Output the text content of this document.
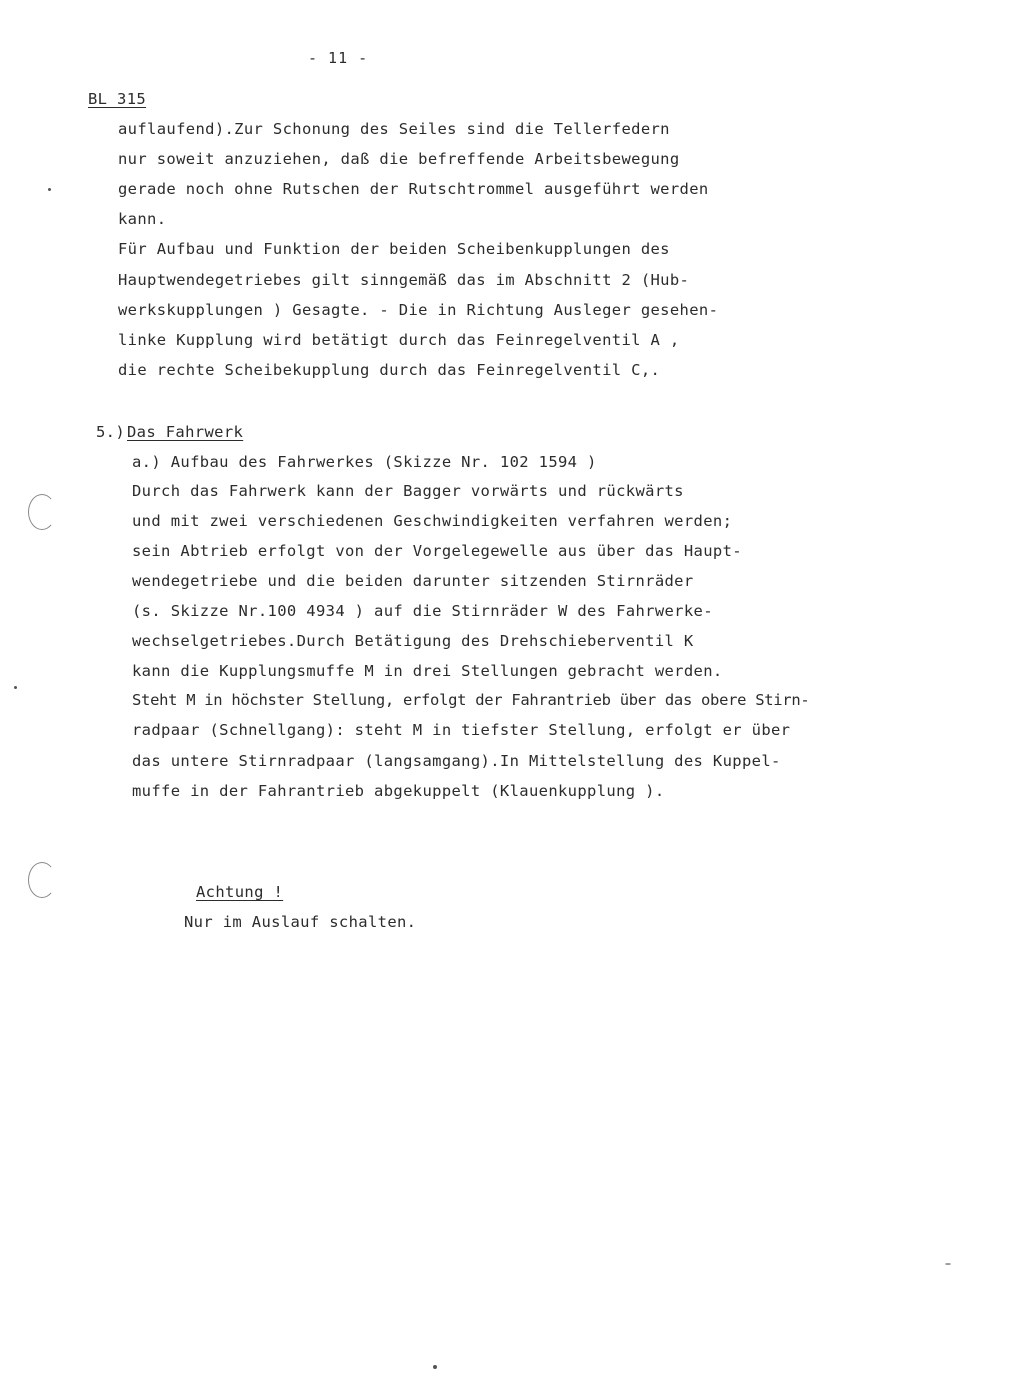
- 11 -
BL 315
auflaufend).Zur Schonung des Seiles sind die Tellerfedern
nur soweit anzuziehen, daß die befreffende Arbeitsbewegung
gerade noch ohne Rutschen der Rutschtrommel ausgeführt werden
kann.
Für Aufbau und Funktion der beiden Scheibenkupplungen des
Hauptwendegetriebes gilt sinngemäß das im Abschnitt 2 (Hub-
werkskupplungen ) Gesagte. - Die in Richtung Ausleger gesehen-
linke Kupplung wird betätigt durch das Feinregelventil A ,
die rechte Scheibekupplung durch das Feinregelventil C,.
5.) Das Fahrwerk
a.) Aufbau des Fahrwerkes (Skizze Nr. 102 1594 )
Durch das Fahrwerk kann der Bagger vorwärts und rückwärts
und mit zwei verschiedenen Geschwindigkeiten verfahren werden;
sein Abtrieb erfolgt von der Vorgelegewelle aus über das Haupt-
wendegetriebe und die beiden darunter sitzenden Stirnräder
(s. Skizze Nr.100 4934 ) auf die Stirnräder W des Fahrwerke-
wechselgetriebes.Durch Betätigung des Drehschieberventil K
kann die Kupplungsmuffe M in drei Stellungen gebracht werden.
Steht M in höchster Stellung, erfolgt der Fahrantrieb über das obere Stirn-
radpaar (Schnellgang): steht M in tiefster Stellung, erfolgt er über
das untere Stirnradpaar (langsamgang).In Mittelstellung des Kuppel-
muffe in der Fahrantrieb abgekuppelt (Klauenkupplung ).
Achtung !
Nur im Auslauf schalten.
